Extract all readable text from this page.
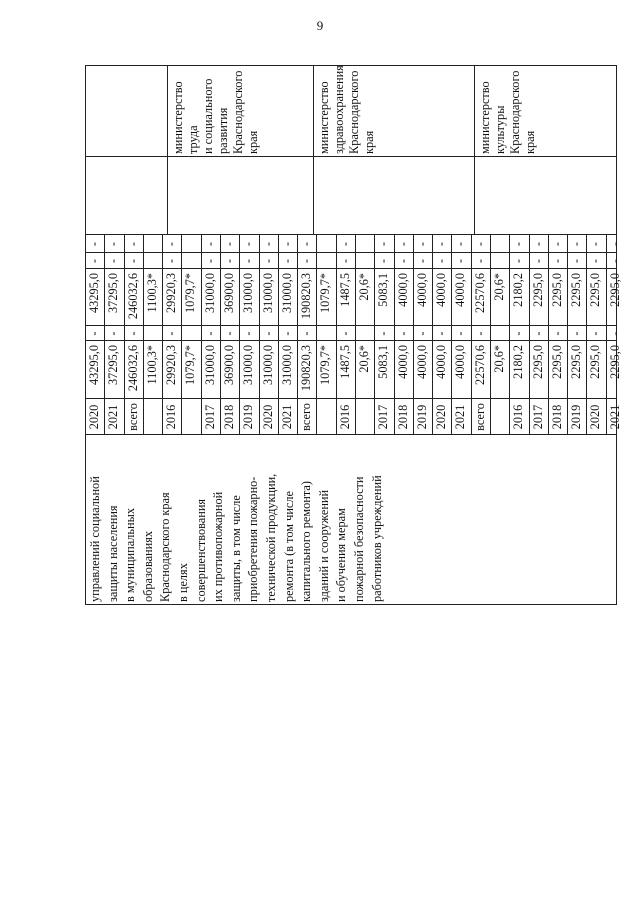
9
управлений социальной защиты населения в муниципальных образованиях Краснодарского края в целях совершенствования их противопожарной защиты, в том числе приобретения пожарно- технической продукции, ремонта (в том числе капитального ремонта) зданий и сооружений и обучения мерам пожарной безопасности работников учреждений
2020
43295,0
-
43295,0
-
-
2021
37295,0
-
37295,0
-
-
всего
246032,6
-
246032,6
-
-
1100,3*
1100,3*
2016
29920,3
-
29920,3
-
-
1079,7*
1079,7*
2017
31000,0
-
31000,0
-
-
2018
36900,0
-
36900,0
-
-
2019
31000,0
-
31000,0
-
-
2020
31000,0
-
31000,0
-
-
2021
31000,0
-
31000,0
-
-
всего
190820,3
-
190820,3
-
-
1079,7*
1079,7*
2016
1487,5
-
1487,5
-
-
20,6*
20,6*
2017
5083,1
-
5083,1
-
-
2018
4000,0
-
4000,0
-
-
2019
4000,0
-
4000,0
-
-
2020
4000,0
-
4000,0
-
-
2021
4000,0
-
4000,0
-
-
всего
22570,6
-
22570,6
-
-
20,6*
20,6*
2016
2180,2
-
2180,2
-
-
2017
2295,0
-
2295,0
-
-
2018
2295,0
-
2295,0
-
-
2019
2295,0
-
2295,0
-
-
2020
2295,0
-
2295,0
-
-
2021
2295,0
-
2295,0
-
-
министерство труда и социального развития Краснодарского края	министерство здравоохранения Краснодарского края	министерство культуры Краснодарского края
